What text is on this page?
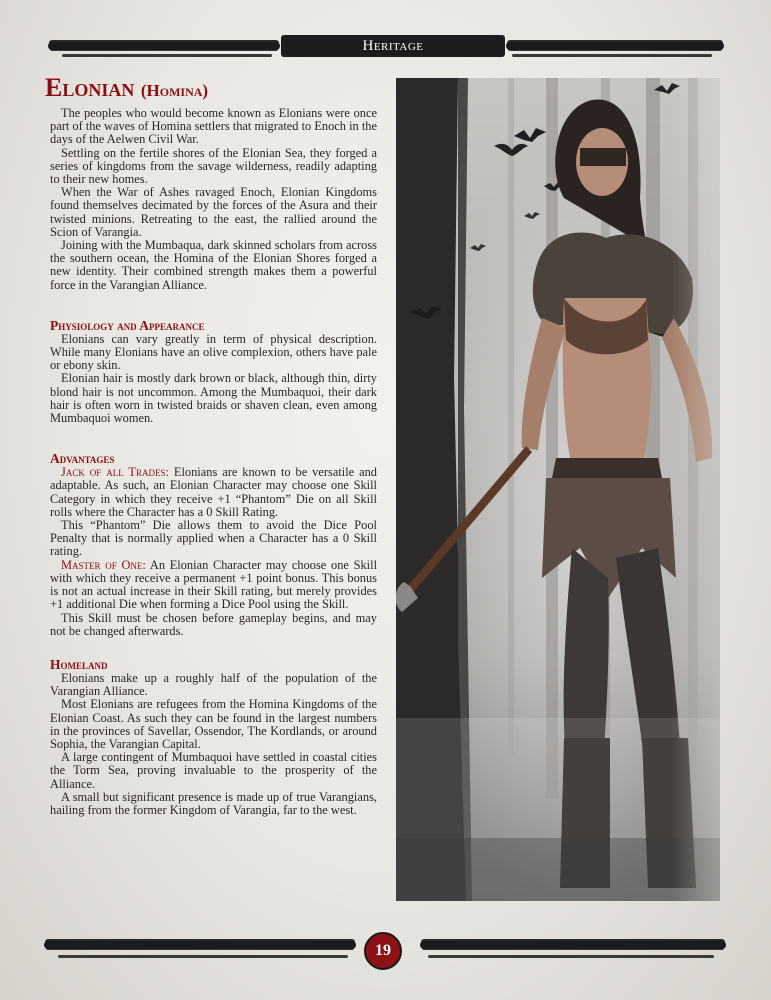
Heritage
Elonian (Homina)

The peoples who would become known as Elonians were once part of the waves of Homina settlers that migrated to Enoch in the days of the Aelwen Civil War.

Settling on the fertile shores of the Elonian Sea, they forged a series of kingdoms from the savage wilderness, readily adapting to their new homes.

When the War of Ashes ravaged Enoch, Elonian Kingdoms found themselves decimated by the forces of the Asura and their twisted minions. Retreating to the east, the rallied around the Scion of Varangia.

Joining with the Mumbaqua, dark skinned scholars from across the southern ocean, the Homina of the Elonian Shores forged a new identity. Their combined strength makes them a powerful force in the Varangian Alliance.

Physiology and Appearance

Elonians can vary greatly in term of physical description. While many Elonians have an olive complexion, others have pale or ebony skin.

Elonian hair is mostly dark brown or black, although thin, dirty blond hair is not uncommon. Among the Mumbaquoi, their dark hair is often worn in twisted braids or shaven clean, even among Mumbaquoi women.

Advantages

Jack of all Trades: Elonians are known to be versatile and adaptable. As such, an Elonian Character may choose one Skill Category in which they receive +1 “Phantom” Die on all Skill rolls where the Character has a 0 Skill Rating.

This “Phantom” Die allows them to avoid the Dice Pool Penalty that is normally applied when a Character has a 0 Skill rating.

Master of One: An Elonian Character may choose one Skill with which they receive a permanent +1 point bonus. This bonus is not an actual increase in their Skill rating, but merely provides +1 additional Die when forming a Dice Pool using the Skill.

This Skill must be chosen before gameplay begins, and may not be changed afterwards.

Homeland

Elonians make up a roughly half of the population of the Varangian Alliance.

Most Elonians are refugees from the Homina Kingdoms of the Elonian Coast. As such they can be found in the largest numbers in the provinces of Savellar, Ossendor, The Kordlands, or around Sophia, the Varangian Capital.

A large contingent of Mumbaquoi have settled in coastal cities the Torm Sea, proving invaluable to the prosperity of the Alliance.

A small but significant presence is made up of true Varangians, hailing from the former Kingdom of Varangia, far to the west.

19
